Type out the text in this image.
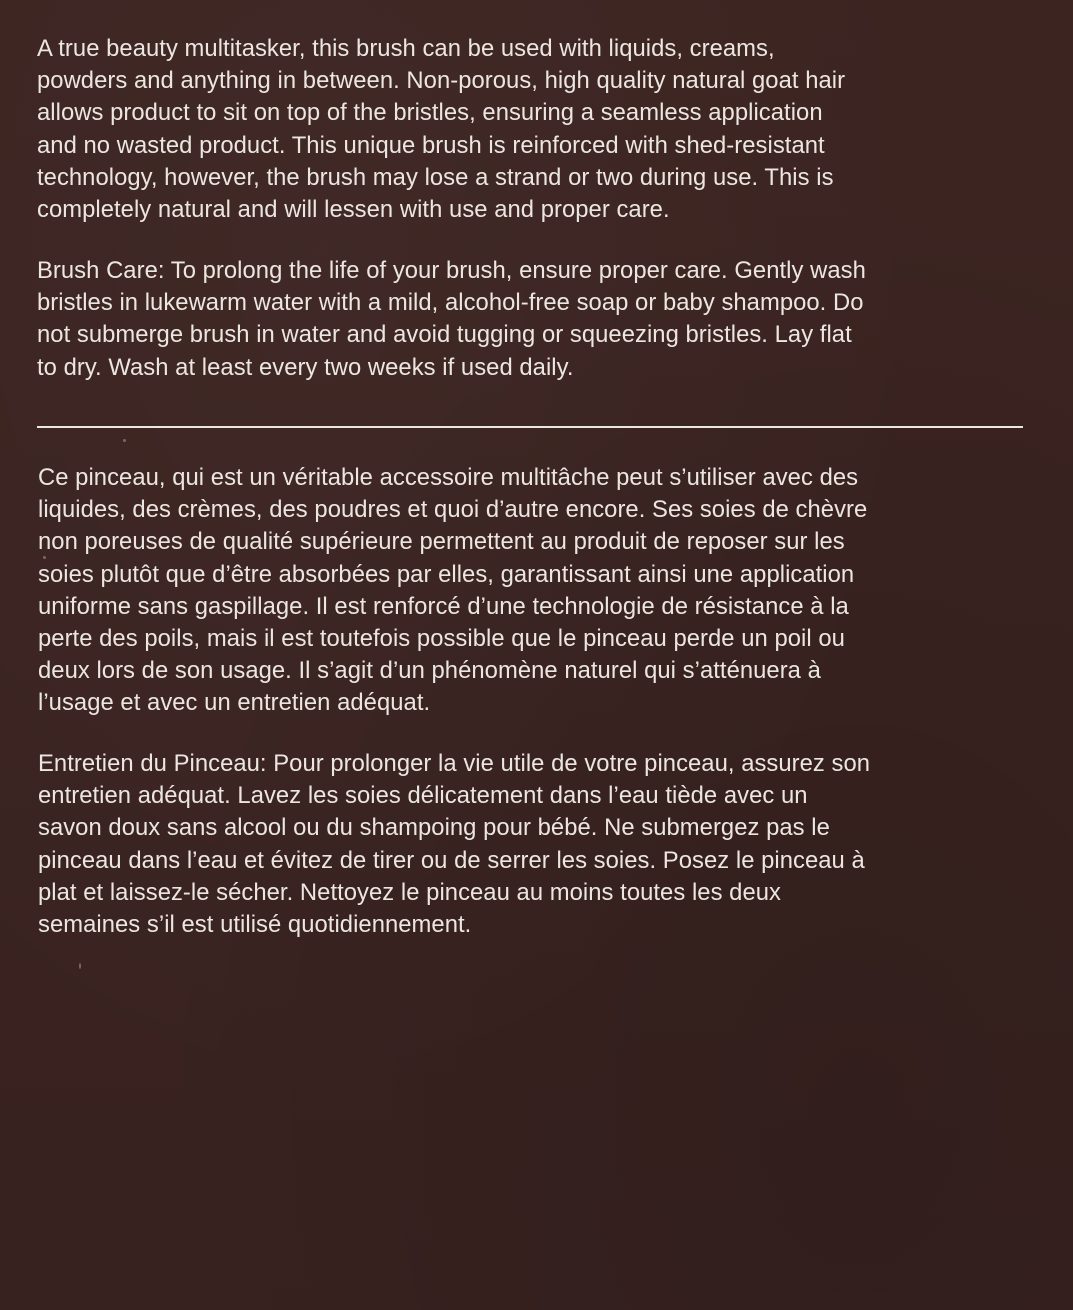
A true beauty multitasker, this brush can be used with liquids, creams,
powders and anything in between. Non-porous, high quality natural goat hair
allows product to sit on top of the bristles, ensuring a seamless application
and no wasted product. This unique brush is reinforced with shed-resistant
technology, however, the brush may lose a strand or two during use. This is
completely natural and will lessen with use and proper care.

Brush Care: To prolong the life of your brush, ensure proper care. Gently wash
bristles in lukewarm water with a mild, alcohol-free soap or baby shampoo. Do
not submerge brush in water and avoid tugging or squeezing bristles. Lay flat
to dry. Wash at least every two weeks if used daily.

Ce pinceau, qui est un véritable accessoire multitâche peut s’utiliser avec des
liquides, des crèmes, des poudres et quoi d’autre encore. Ses soies de chèvre
non poreuses de qualité supérieure permettent au produit de reposer sur les
soies plutôt que d’être absorbées par elles, garantissant ainsi une application
uniforme sans gaspillage. Il est renforcé d’une technologie de résistance à la
perte des poils, mais il est toutefois possible que le pinceau perde un poil ou
deux lors de son usage. Il s’agit d’un phénomène naturel qui s’atténuera à
l’usage et avec un entretien adéquat.

Entretien du Pinceau: Pour prolonger la vie utile de votre pinceau, assurez son
entretien adéquat. Lavez les soies délicatement dans l’eau tiède avec un
savon doux sans alcool ou du shampoing pour bébé. Ne submergez pas le
pinceau dans l’eau et évitez de tirer ou de serrer les soies. Posez le pinceau à
plat et laissez-le sécher. Nettoyez le pinceau au moins toutes les deux
semaines s’il est utilisé quotidiennement.
